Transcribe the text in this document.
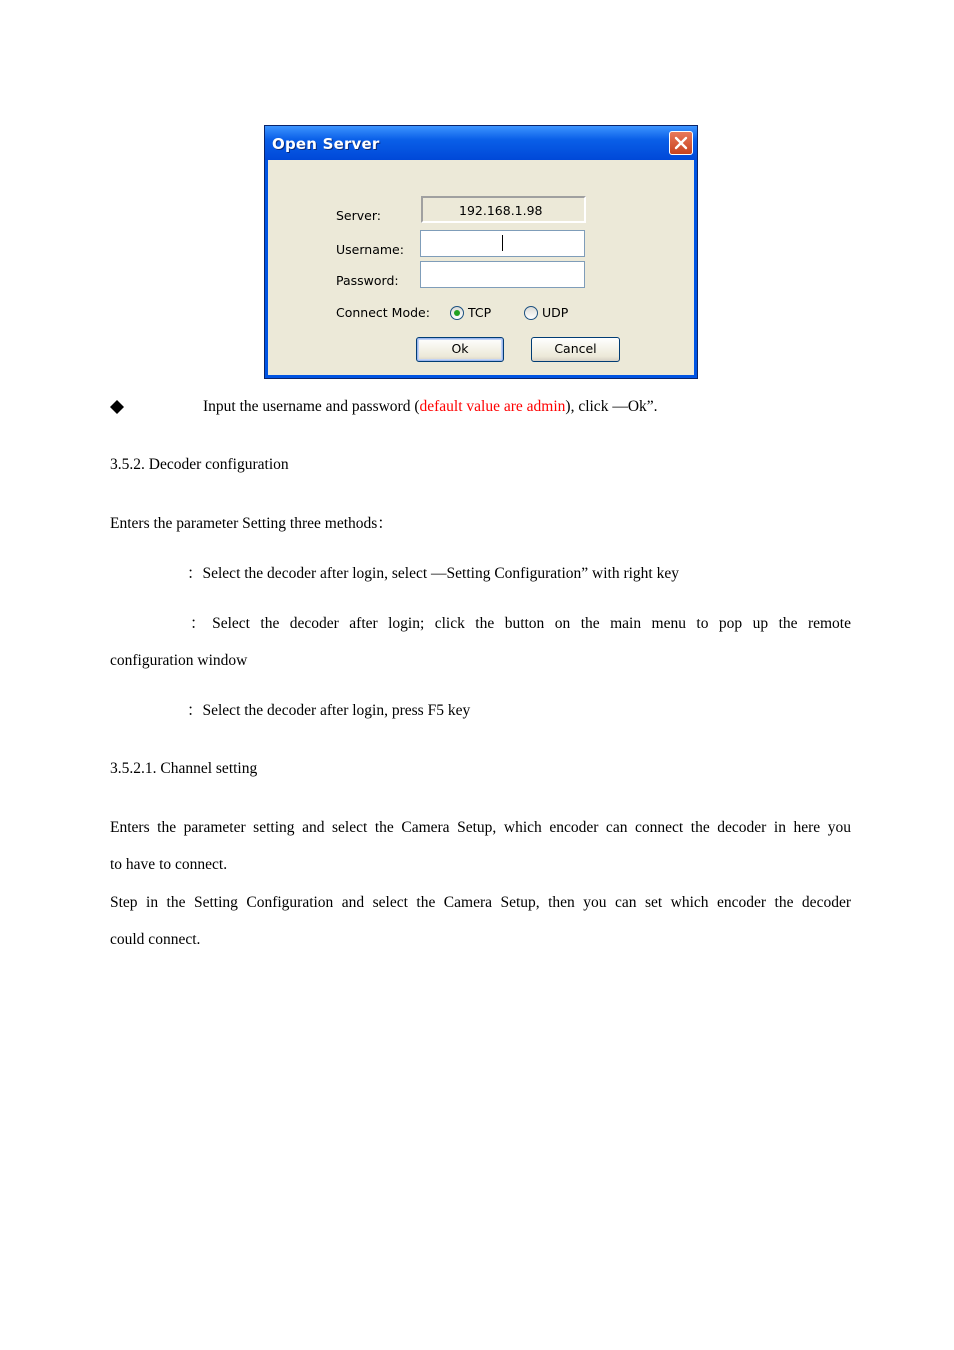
Open Server
Server:	192.168.1.98
Username:
Password:
Connect Mode:	TCP	UDP
Ok	Cancel
Input the username and password (default value are admin), click ―Ok”.
3.5.2. Decoder configuration
Enters the parameter Setting three methods：
：Select the decoder after login, select ―Setting Configuration” with right key
：Select the decoder after login; click the button on the main menu to pop up the remote
configuration window
：Select the decoder after login, press F5 key
3.5.2.1. Channel setting
Enters the parameter setting and select the Camera Setup, which encoder can connect the decoder in here you
to have to connect.
Step in the Setting Configuration and select the Camera Setup, then you can set which encoder the decoder
could connect.
